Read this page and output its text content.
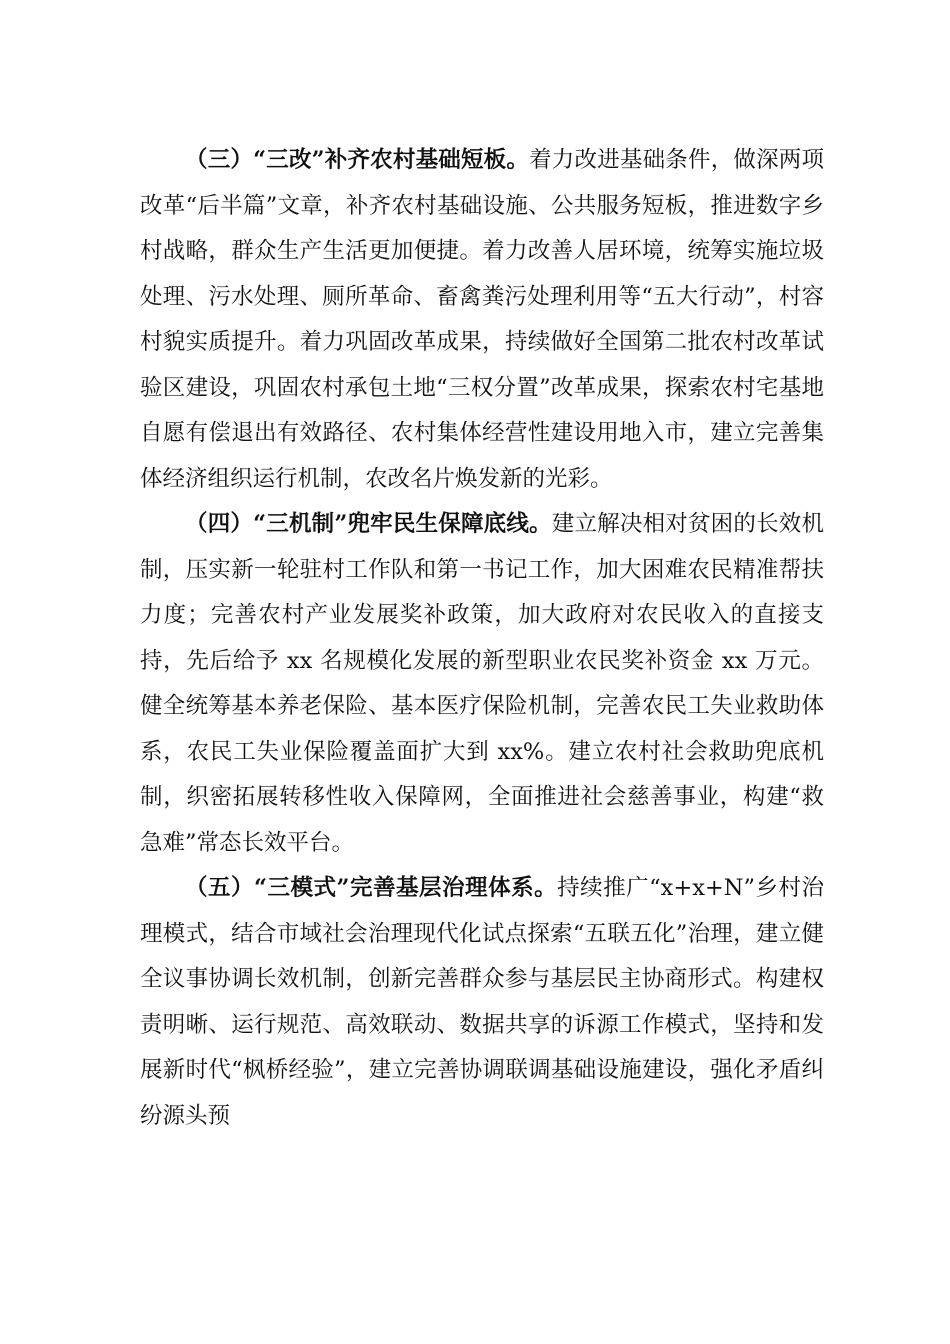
（三）“三改”补齐农村基础短板。着力改进基础条件，做深两项改革“后半篇”文章，补齐农村基础设施、公共服务短板，推进数字乡村战略，群众生产生活更加便捷。着力改善人居环境，统筹实施垃圾处理、污水处理、厕所革命、畜禽粪污处理利用等“五大行动”，村容村貌实质提升。着力巩固改革成果，持续做好全国第二批农村改革试验区建设，巩固农村承包土地“三权分置”改革成果，探索农村宅基地自愿有偿退出有效路径、农村集体经营性建设用地入市，建立完善集体经济组织运行机制，农改名片焕发新的光彩。

（四）“三机制”兜牢民生保障底线。建立解决相对贫困的长效机制，压实新一轮驻村工作队和第一书记工作，加大困难农民精准帮扶力度；完善农村产业发展奖补政策，加大政府对农民收入的直接支持，先后给予 xx 名规模化发展的新型职业农民奖补资金 xx 万元。健全统筹基本养老保险、基本医疗保险机制，完善农民工失业救助体系，农民工失业保险覆盖面扩大到 xx%。建立农村社会救助兜底机制，织密拓展转移性收入保障网，全面推进社会慈善事业，构建“救急难”常态长效平台。

（五）“三模式”完善基层治理体系。持续推广“x+x+N”乡村治理模式，结合市域社会治理现代化试点探索“五联五化”治理，建立健全议事协调长效机制，创新完善群众参与基层民主协商形式。构建权责明晰、运行规范、高效联动、数据共享的诉源工作模式，坚持和发展新时代“枫桥经验”，建立完善协调联调基础设施建设，强化矛盾纠纷源头预
